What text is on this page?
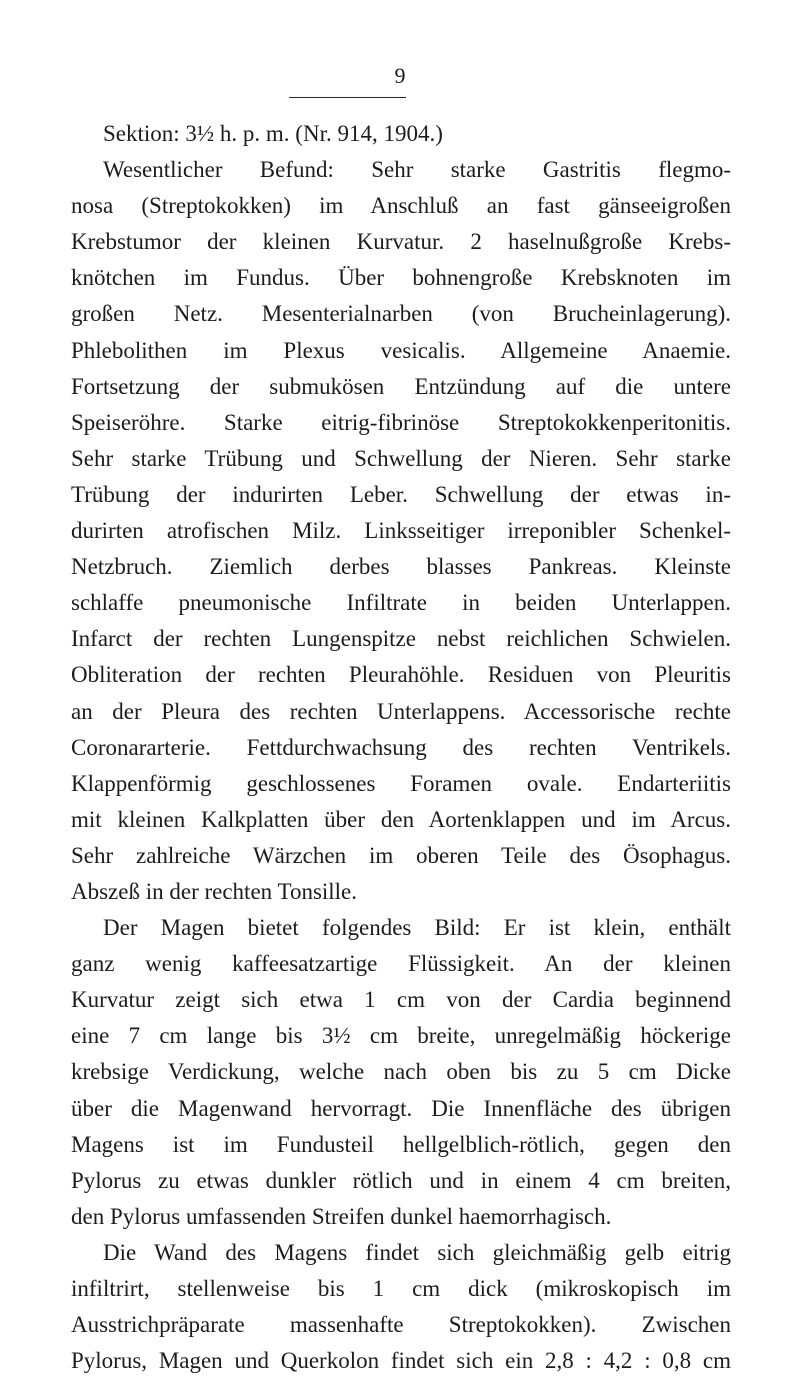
9
Sektion: 3½ h. p. m. (Nr. 914, 1904.)
Wesentlicher Befund: Sehr starke Gastritis flegmo-
nosa (Streptokokken) im Anschluß an fast gänseeigroßen
Krebstumor der kleinen Kurvatur. 2 haselnußgroße Krebs-
knötchen im Fundus. Über bohnengroße Krebsknoten im
großen Netz. Mesenterialnarben (von Brucheinlagerung).
Phlebolithen im Plexus vesicalis. Allgemeine Anaemie.
Fortsetzung der submukösen Entzündung auf die untere
Speiseröhre. Starke eitrig-fibrinöse Streptokokkenperitonitis.
Sehr starke Trübung und Schwellung der Nieren. Sehr starke
Trübung der indurirten Leber. Schwellung der etwas in-
durirten atrofischen Milz. Linksseitiger irreponibler Schenkel-
Netzbruch. Ziemlich derbes blasses Pankreas. Kleinste
schlaffe pneumonische Infiltrate in beiden Unterlappen.
Infarct der rechten Lungenspitze nebst reichlichen Schwielen.
Obliteration der rechten Pleurahöhle. Residuen von Pleuritis
an der Pleura des rechten Unterlappens. Accessorische rechte
Coronararterie. Fettdurchwachsung des rechten Ventrikels.
Klappenförmig geschlossenes Foramen ovale. Endarteriitis
mit kleinen Kalkplatten über den Aortenklappen und im Arcus.
Sehr zahlreiche Wärzchen im oberen Teile des Ösophagus.
Abszeß in der rechten Tonsille.
Der Magen bietet folgendes Bild: Er ist klein, enthält
ganz wenig kaffeesatzartige Flüssigkeit. An der kleinen
Kurvatur zeigt sich etwa 1 cm von der Cardia beginnend
eine 7 cm lange bis 3½ cm breite, unregelmäßig höckerige
krebsige Verdickung, welche nach oben bis zu 5 cm Dicke
über die Magenwand hervorragt. Die Innenfläche des übrigen
Magens ist im Fundusteil hellgelblich-rötlich, gegen den
Pylorus zu etwas dunkler rötlich und in einem 4 cm breiten,
den Pylorus umfassenden Streifen dunkel haemorrhagisch.
Die Wand des Magens findet sich gleichmäßig gelb eitrig
infiltrirt, stellenweise bis 1 cm dick (mikroskopisch im
Ausstrichpräparate massenhafte Streptokokken). Zwischen
Pylorus, Magen und Querkolon findet sich ein 2,8 : 4,2 : 0,8 cm
